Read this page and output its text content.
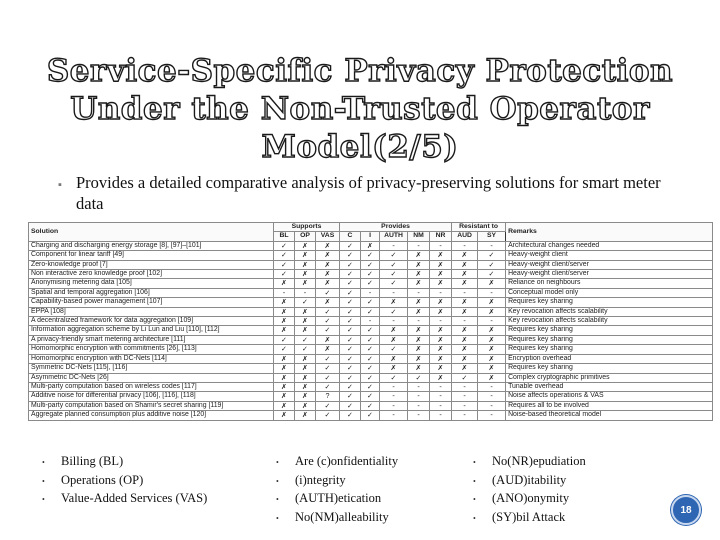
Service-Specific Privacy Protection
Under the Non-Trusted Operator
Model(2/5)
▪ Provides a detailed comparative analysis of privacy-preserving solutions for smart meter data
Solution	Supports			Provides					Resistant to		Remarks
	BL	OP	VAS	C	I	AUTH	NM	NR	AUD	SY	
Charging and discharging energy storage [8], [97]–[101]	✓	✗	✗	✓	✗	-	-	-	-	-	Architectural changes needed
Component for linear tariff [49]	✓	✗	✗	✓	✓	✓	✗	✗	✗	✓	Heavy-weight client
Zero-knowledge proof [7]	✓	✗	✗	✓	✓	✓	✗	✗	✗	✓	Heavy-weight client/server
Non interactive zero knowledge proof [102]	✓	✗	✗	✓	✓	✓	✗	✗	✗	✓	Heavy-weight client/server
Anonymising metering data [105]	✗	✗	✗	✓	✓	✓	✗	✗	✗	✗	Reliance on neighbours
Spatial and temporal aggregation [106]	-	-	✓	✓	-	-	-	-	-	-	Conceptual model only
Capability-based power management [107]	✗	✓	✗	✓	✓	✗	✗	✗	✗	✗	Requires key sharing
EPPA [108]	✗	✗	✓	✓	✓	✓	✗	✗	✗	✗	Key revocation affects scalability
A decentralized framework for data aggregation [109]	✗	✗	✓	✓	-	-	-	-	-	-	Key revocation affects scalability
Information aggregation scheme by Li Lun and Liu [110], [112]	✗	✗	✓	✓	✓	✗	✗	✗	✗	✗	Requires key sharing
A privacy-friendly smart metering architecture [111]	✓	✓	✗	✓	✓	✗	✗	✗	✗	✗	Requires key sharing
Homomorphic encryption with commitments [26], [113]	✓	✓	✗	✓	✓	✓	✗	✗	✗	✗	Requires key sharing
Homomorphic encryption with DC-Nets [114]	✗	✗	✓	✓	✓	✗	✗	✗	✗	✗	Encryption overhead
Symmetric DC-Nets [115], [116]	✗	✗	✓	✓	✓	✗	✗	✗	✗	✗	Requires key sharing
Asymmetric DC-Nets [26]	✗	✗	✓	✓	✓	✓	✓	✗	✓	✗	Complex cryptographic primitives
Multi-party computation based on wireless codes [117]	✗	✗	✓	✓	✓	-	-	-	-	-	Tunable overhead
Additive noise for differential privacy [106], [116], [118]	✗	✗	?	✓	✓	-	-	-	-	-	Noise affects operations & VAS
Multi-party computation based on Shamir's secret sharing [119]	✗	✗	✓	✓	✓	-	-	-	-	-	Requires all to be involved
Aggregate planned consumption plus additive noise [120]	✗	✗	✓	✓	✓	-	-	-	-	-	Noise-based theoretical model
•	Billing (BL)
•	Operations (OP)
•	Value-Added Services (VAS)
•	Are (c)onfidentiality
•	(i)ntegrity
•	(AUTH)etication
•	No(NM)alleability
•	No(NR)epudiation
•	(AUD)itability
•	(ANO)onymity
•	(SY)bil Attack	18
